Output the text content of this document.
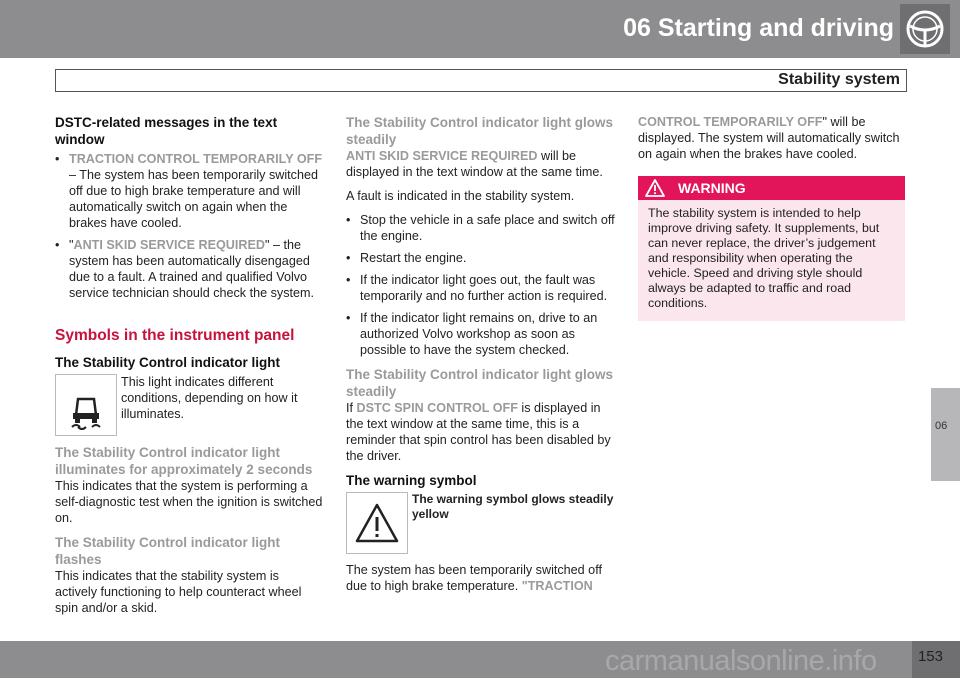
06 Starting and driving
Stability system
06
DSTC-related messages in the text window
• TRACTION CONTROL TEMPORARILY OFF – The system has been temporarily switched off due to high brake temperature and will automatically switch on again when the brakes have cooled.
• "ANTI SKID SERVICE REQUIRED" – the system has been automatically disengaged due to a fault. A trained and qualified Volvo service technician should check the system.
Symbols in the instrument panel
The Stability Control indicator light
This light indicates different conditions, depending on how it illuminates.
The Stability Control indicator light illuminates for approximately 2 seconds

This indicates that the system is performing a self-diagnostic test when the ignition is switched on.

The Stability Control indicator light flashes

This indicates that the stability system is actively functioning to help counteract wheel spin and/or a skid.

The Stability Control indicator light glows steadily

ANTI SKID SERVICE REQUIRED will be displayed in the text window at the same time.

A fault is indicated in the stability system.

• Stop the vehicle in a safe place and switch off the engine.
• Restart the engine.
• If the indicator light goes out, the fault was temporarily and no further action is required.
• If the indicator light remains on, drive to an authorized Volvo workshop as soon as possible to have the system checked.
The Stability Control indicator light glows steadily

If DSTC SPIN CONTROL OFF is displayed in the text window at the same time, this is a reminder that spin control has been disabled by the driver.

The warning symbol
The warning symbol glows steadily yellow

The system has been temporarily switched off due to high brake temperature. "TRACTION

CONTROL TEMPORARILY OFF" will be displayed. The system will automatically switch on again when the brakes have cooled.

WARNING
The stability system is intended to help improve driving safety. It supplements, but can never replace, the driver’s judgement and responsibility when operating the vehicle. Speed and driving style should always be adapted to traffic and road conditions.
carmanualsonline.info	153
